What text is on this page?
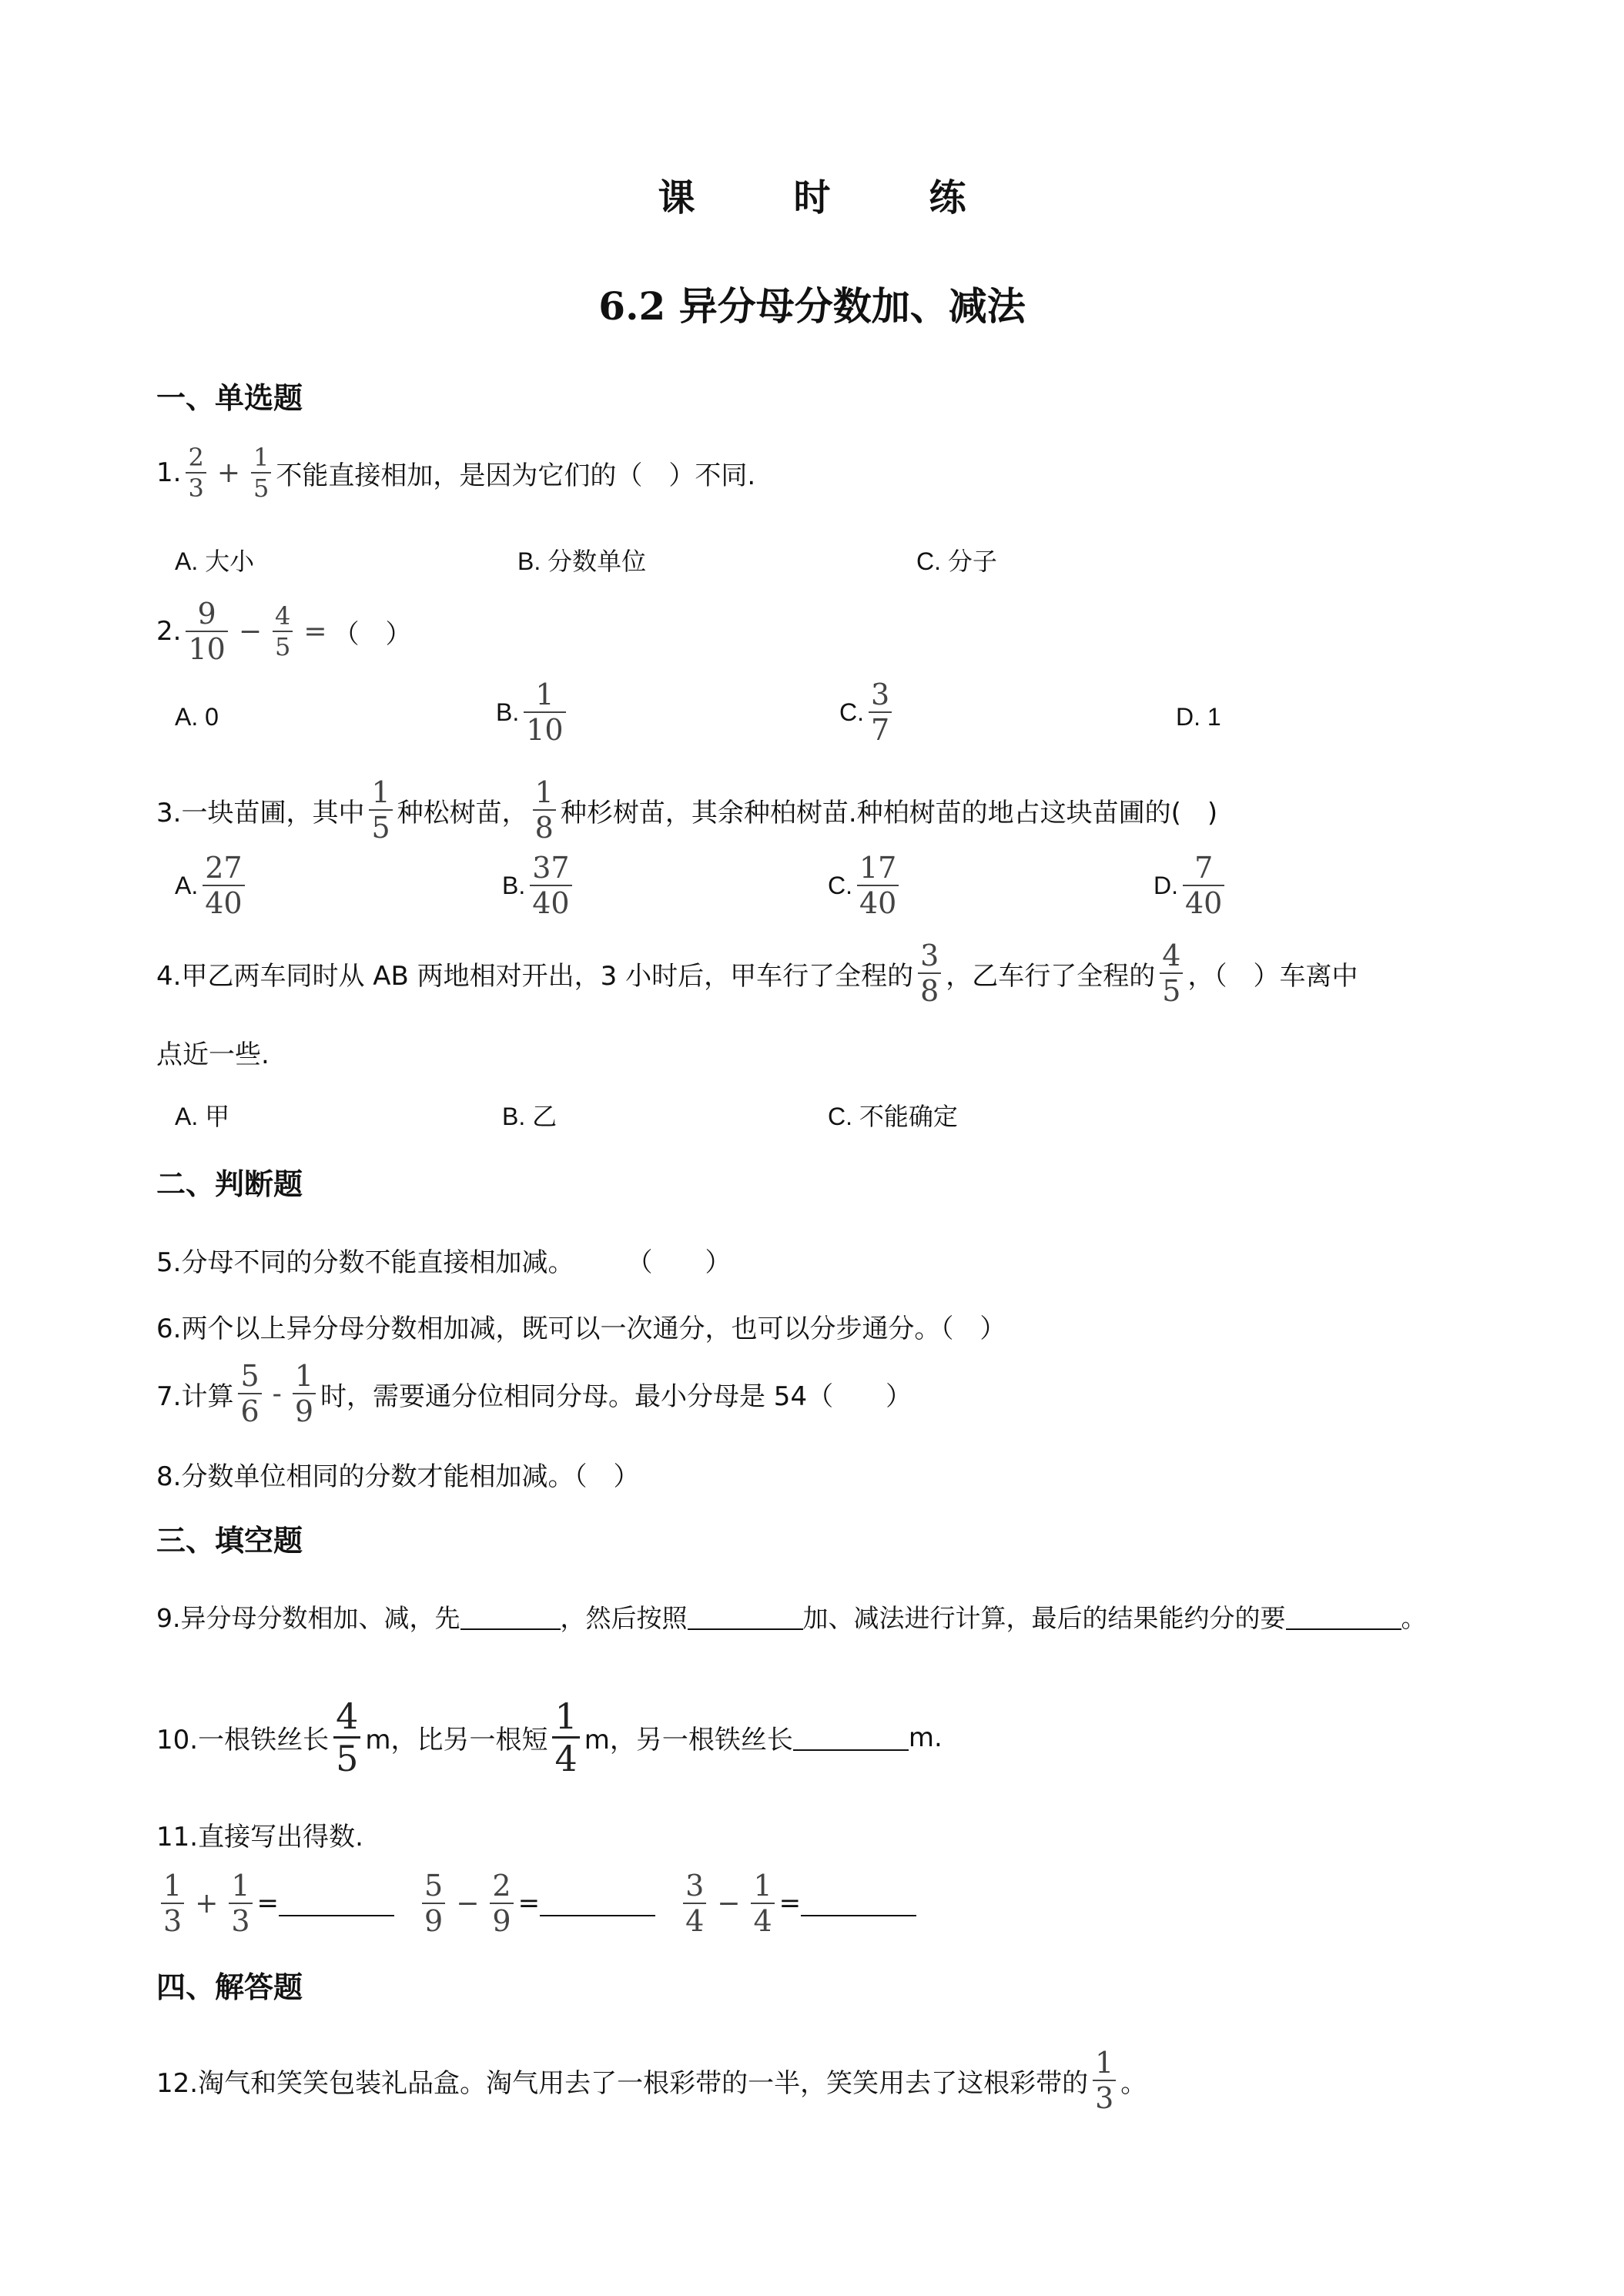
课　时　练
6.2 异分母分数加、减法
一、单选题
1. $\frac{2}{3} + \frac{1}{5}$ 不能直接相加，是因为它们的（　）不同.
A. 大小	B. 分数单位	C. 分子
2. $\frac{9}{10} - \frac{4}{5}$ = （　）
A. 0	B. $\frac{1}{10}$	C. $\frac{3}{7}$	D. 1
3.一块苗圃，其中 $\frac{1}{5}$ 种松树苗， $\frac{1}{8}$ 种杉树苗，其余种柏树苗.种柏树苗的地占这块苗圃的(　)
A. $\frac{27}{40}$	B. $\frac{37}{40}$	C. $\frac{17}{40}$	D. $\frac{7}{40}$
4.甲乙两车同时从 AB 两地相对开出，3 小时后，甲车行了全程的 $\frac{3}{8}$ ，乙车行了全程的 $\frac{4}{5}$ ，（　）车离中
点近一些.
A. 甲	B. 乙	C. 不能确定
二、判断题
5.分母不同的分数不能直接相加减。　　　（　　）
6.两个以上异分母分数相加减，既可以一次通分，也可以分步通分。（　）
7.计算 $\frac{5}{6} - \frac{1}{9}$ 时，需要通分位相同分母。最小分母是 54（　　）
8.分数单位相同的分数才能相加减。（　）
三、填空题
9.异分母分数相加、减，先	，然后按照	加、减法进行计算，最后的结果能约分的要	。
10.一根铁丝长 $\frac{4}{5}$ m，比另一根短 $\frac{1}{4}$ m，另一根铁丝长	m.
11.直接写出得数.
$\frac{1}{3} + \frac{1}{3}$ =	$\frac{5}{9} - \frac{2}{9}$ =	$\frac{3}{4} - \frac{1}{4}$ =
四、解答题
12.淘气和笑笑包装礼品盒。淘气用去了一根彩带的一半，笑笑用去了这根彩带的 $\frac{1}{3}$ 。
